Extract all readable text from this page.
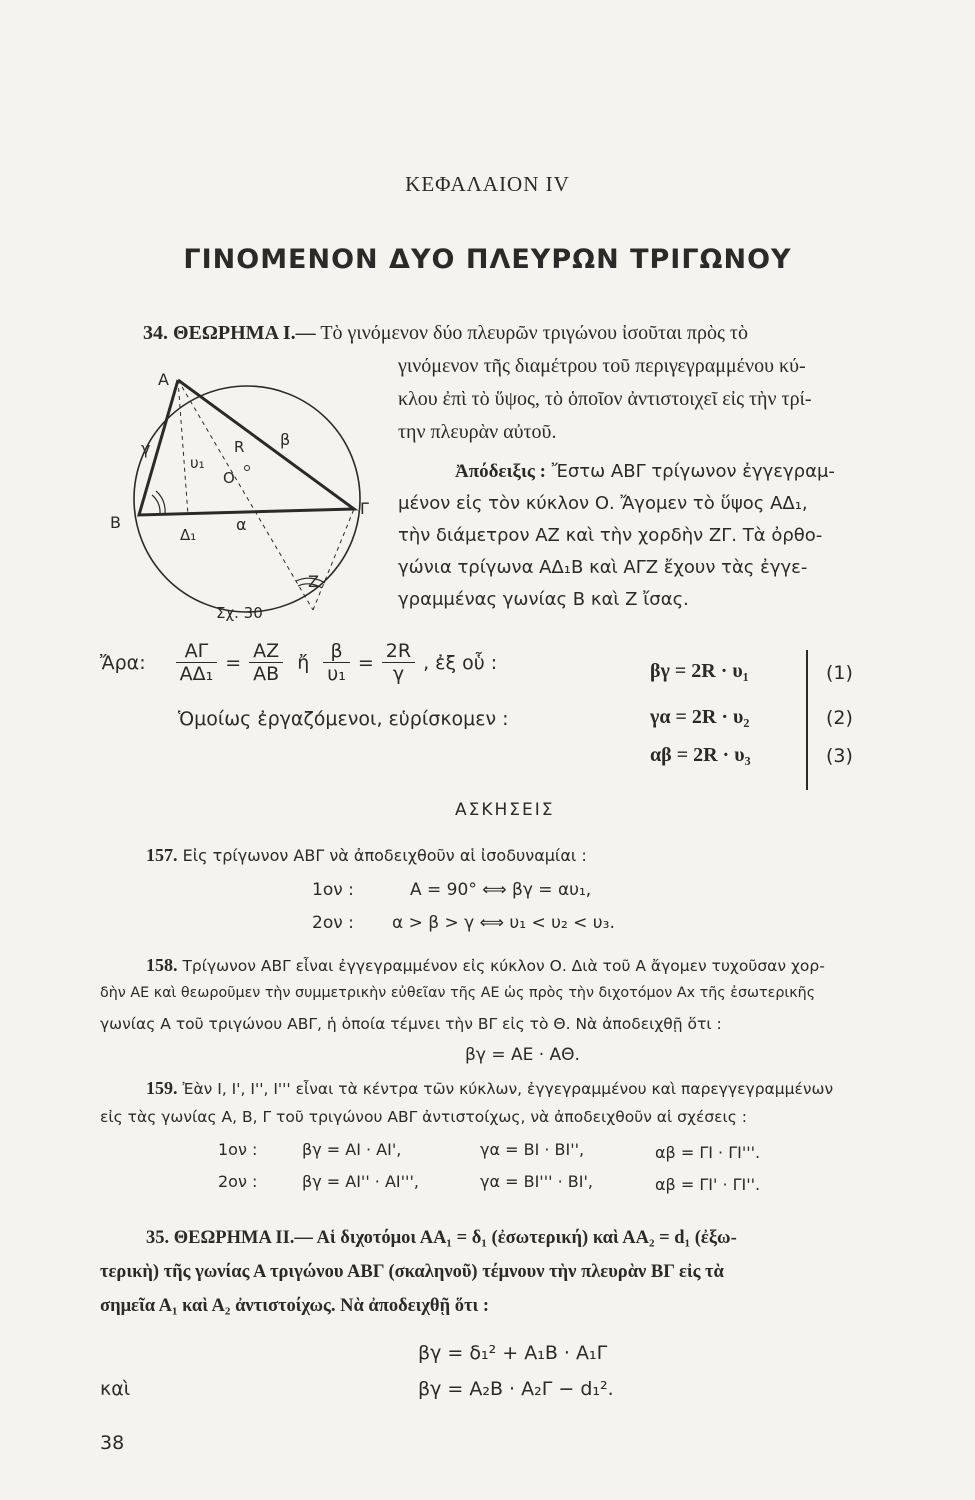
ΚΕΦΑΛΑΙΟΝ IV
ΓΙΝΟΜΕΝΟΝ ΔΥΟ ΠΛΕΥΡΩΝ ΤΡΙΓΩΝΟΥ
34. ΘΕΩΡΗΜΑ Ι.— Τὸ γινόμενον δύο πλευρῶν τριγώνου ἰσοῦται πρὸς τὸ
γινόμενον τῆς διαμέτρου τοῦ περιγεγραμμένου κύ-
κλου ἐπὶ τὸ ὕψος, τὸ ὁποῖον ἀντιστοιχεῖ εἰς τὴν τρί-
την πλευρὰν αὐτοῦ.
Ἀπόδειξις : Ἔστω ΑΒΓ τρίγωνον ἐγγεγραμ-
μένον εἰς τὸν κύκλον Ο. Ἄγομεν τὸ ὕψος ΑΔ₁,
τὴν διάμετρον ΑΖ καὶ τὴν χορδὴν ΖΓ. Τὰ ὀρθο-
γώνια τρίγωνα ΑΔ₁Β καὶ ΑΓΖ ἔχουν τὰς ἐγγε-
γραμμένας γωνίας Β καὶ Ζ ἴσας.
Α
Β
Γ
Ζ
Δ₁
Ο
R
γ	β
α
υ₁
Σχ. 30
Ἄρα: $\frac{A\Gamma}{\text{ΑΔ₁}} = \frac{AZ}{AB}$ ἤ $\frac{\beta}{\text{υ₁}} = \frac{2R}{\gamma}$ , ἐξ οὗ :
Ὁμοίως ἐργαζόμενοι, εὑρίσκομεν :
βγ = 2R · υ₁
γα = 2R · υ₂
αβ = 2R · υ₃
(1)
(2)
(3)
ΑΣΚΗΣΕΙΣ
157. Εἰς τρίγωνον ΑΒΓ νὰ ἀποδειχθοῦν αἱ ἰσοδυναμίαι :
1ον :	Α = 90° ⟺ βγ = αυ₁,
2ον : α > β > γ ⟺ υ₁ < υ₂ < υ₃.
158. Τρίγωνον ΑΒΓ εἶναι ἐγγεγραμμένον εἰς κύκλον Ο. Διὰ τοῦ Α ἄγομεν τυχοῦσαν χορ-
δὴν ΑΕ καὶ θεωροῦμεν τὴν συμμετρικὴν εὐθεῖαν τῆς ΑΕ ὡς πρὸς τὴν διχοτόμον Αx τῆς ἐσωτερικῆς
γωνίας Α τοῦ τριγώνου ΑΒΓ, ἡ ὁποία τέμνει τὴν ΒΓ εἰς τὸ Θ. Νὰ ἀποδειχθῇ ὅτι :
βγ = ΑΕ · ΑΘ.
159. Ἐὰν Ι, Ι', Ι'', Ι''' εἶναι τὰ κέντρα τῶν κύκλων, ἐγγεγραμμένου καὶ παρεγγεγραμμένων
εἰς τὰς γωνίας Α, Β, Γ τοῦ τριγώνου ΑΒΓ ἀντιστοίχως, νὰ ἀποδειχθοῦν αἱ σχέσεις :
1ον :	βγ = ΑΙ · ΑΙ',	γα = ΒΙ · ΒΙ'',	αβ = ΓΙ · ΓΙ'''.
2ον :	βγ = ΑΙ'' · ΑΙ''',	γα = ΒΙ''' · ΒΙ',	αβ = ΓΙ' · ΓΙ''.
35. ΘΕΩΡΗΜΑ ΙΙ.— Αἱ διχοτόμοι ΑΑ₁ = δ₁ (ἐσωτερική) καὶ ΑΑ₂ = d₁ (ἐξω-
τερικὴ) τῆς γωνίας Α τριγώνου ΑΒΓ (σκαληνοῦ) τέμνουν τὴν πλευρὰν ΒΓ εἰς τὰ
σημεῖα Α₁ καὶ Α₂ ἀντιστοίχως. Νὰ ἀποδειχθῇ ὅτι :
βγ = δ₁² + Α₁Β · Α₁Γ
καὶ	βγ = Α₂Β · Α₂Γ − d₁².
38
